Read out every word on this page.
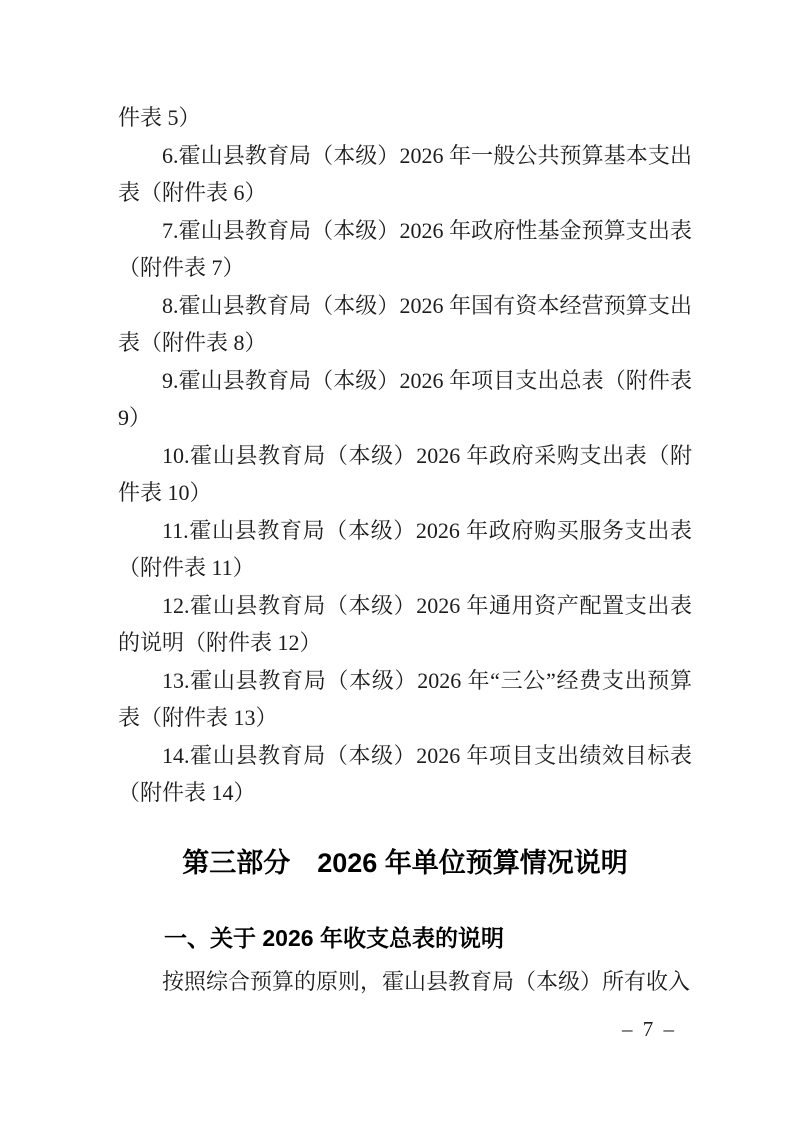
件表 5）

6.霍山县教育局（本级）2026 年一般公共预算基本支出表（附件表 6）

7.霍山县教育局（本级）2026 年政府性基金预算支出表（附件表 7）

8.霍山县教育局（本级）2026 年国有资本经营预算支出表（附件表 8）

9.霍山县教育局（本级）2026 年项目支出总表（附件表 9）

10.霍山县教育局（本级）2026 年政府采购支出表（附件表 10）

11.霍山县教育局（本级）2026 年政府购买服务支出表（附件表 11）

12.霍山县教育局（本级）2026 年通用资产配置支出表的说明（附件表 12）

13.霍山县教育局（本级）2026 年“三公”经费支出预算表（附件表 13）

14.霍山县教育局（本级）2026 年项目支出绩效目标表（附件表 14）

第三部分　2026 年单位预算情况说明
一、关于 2026 年收支总表的说明

按照综合预算的原则，霍山县教育局（本级）所有收入

– 7 –
